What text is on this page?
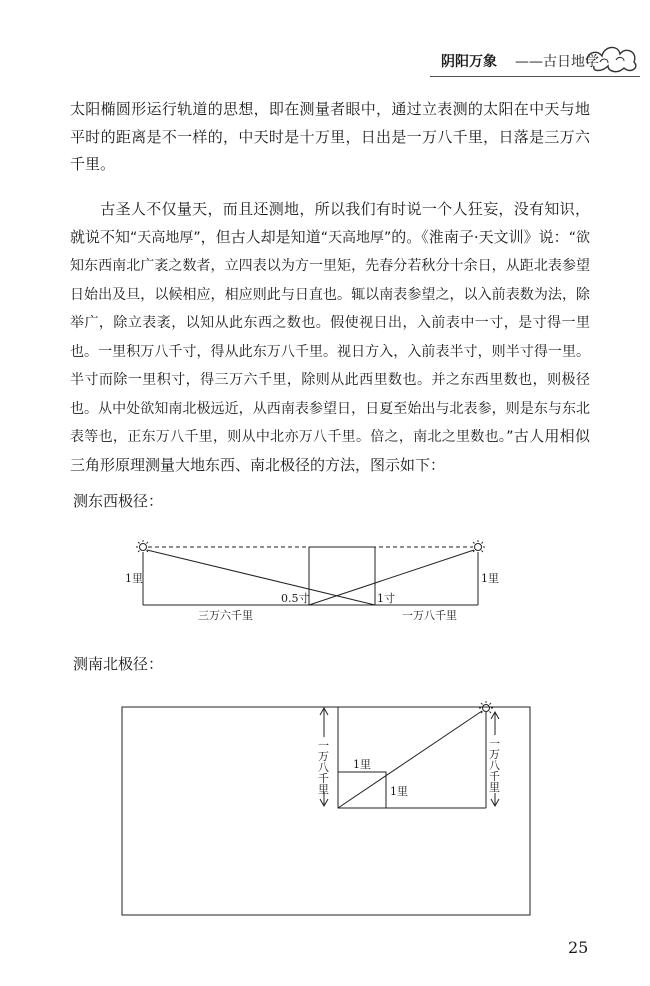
阴阳万象 ——古日地学

太阳椭圆形运行轨道的思想，即在测量者眼中，通过立表测的太阳在中天与地平时的距离是不一样的，中天时是十万里，日出是一万八千里，日落是三万六千里。

古圣人不仅量天，而且还测地，所以我们有时说一个人狂妄，没有知识，就说不知“天高地厚”，但古人却是知道“天高地厚”的。《淮南子·天文训》说：“欲知东西南北广袤之数者，立四表以为方一里矩，先春分若秋分十余日，从距北表参望日始出及旦，以候相应，相应则此与日直也。辄以南表参望之，以入前表数为法，除举广，除立表袤，以知从此东西之数也。假使视日出，入前表中一寸，是寸得一里也。一里积万八千寸，得从此东万八千里。视日方入，入前表半寸，则半寸得一里。半寸而除一里积寸，得三万六千里，除则从此西里数也。并之东西里数也，则极径也。从中处欲知南北极远近，从西南表参望日，日夏至始出与北表参，则是东与东北表等也，正东万八千里，则从中北亦万八千里。倍之，南北之里数也。”古人用相似三角形原理测量大地东西、南北极径的方法，图示如下：

测东西极径：
1里	1里
0.5寸	1寸
三万六千里	一万八千里
测南北极径：
一
万
八
千
里
一
万
八
千
里
1里
1里
25
